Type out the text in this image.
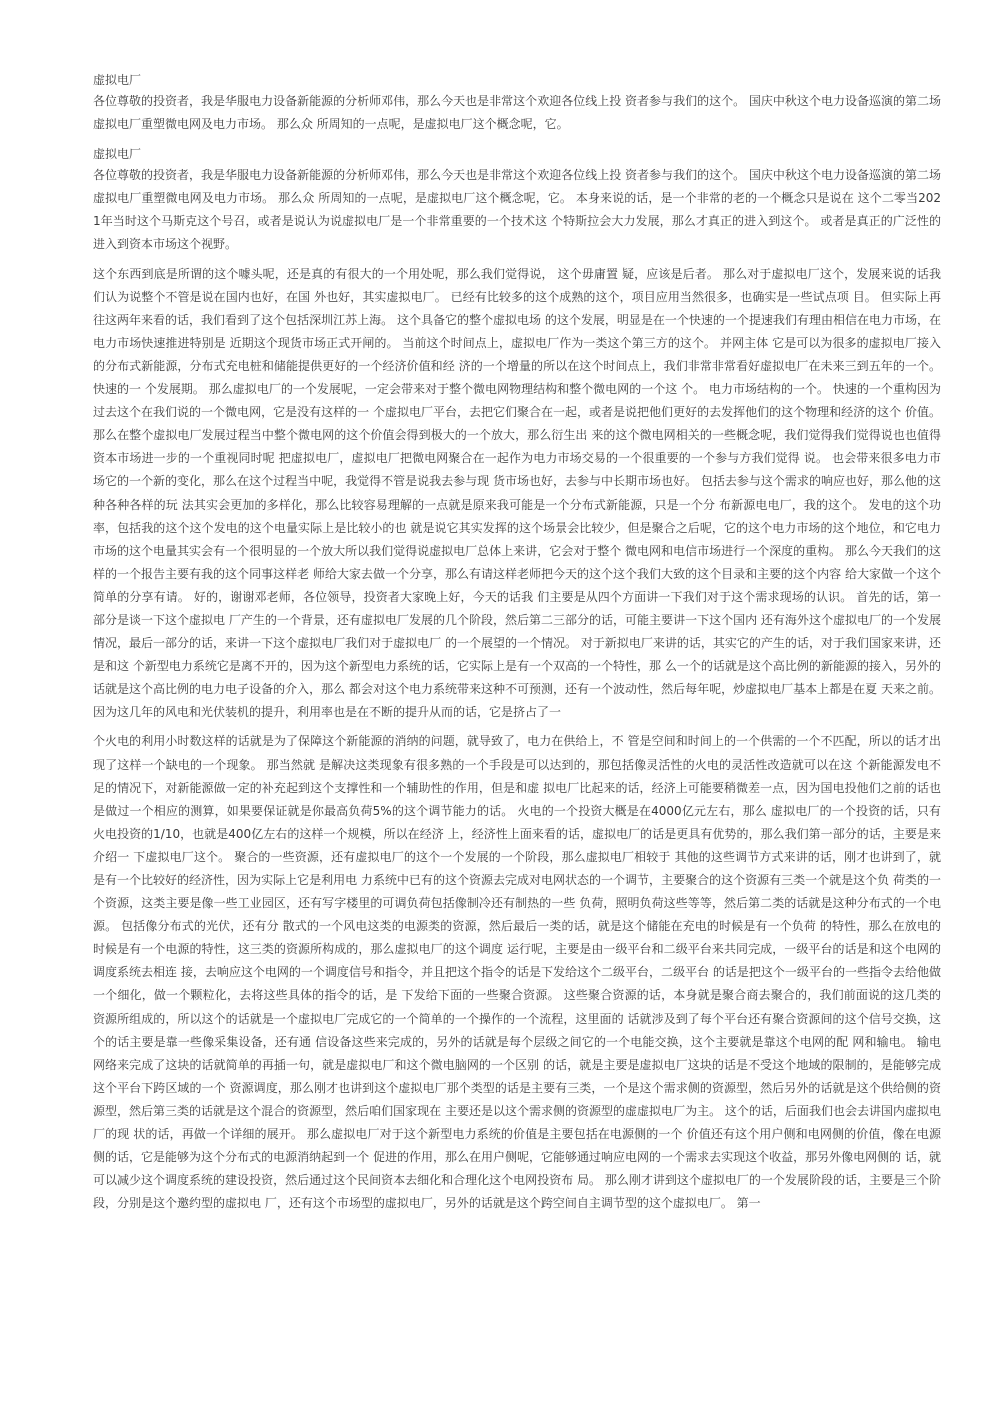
虚拟电厂
各位尊敬的投资者，我是华服电力设备新能源的分析师邓伟，那么今天也是非常这个欢迎各位线上投 资者参与我们的这个。 国庆中秋这个电力设备巡演的第二场虚拟电厂重塑微电网及电力市场。 那么众 所周知的一点呢，是虚拟电厂这个概念呢，它。
虚拟电厂
各位尊敬的投资者，我是华服电力设备新能源的分析师邓伟，那么今天也是非常这个欢迎各位线上投 资者参与我们的这个。 国庆中秋这个电力设备巡演的第二场虚拟电厂重塑微电网及电力市场。 那么众 所周知的一点呢，是虚拟电厂这个概念呢，它。 本身来说的话，是一个非常的老的一个概念只是说在 这个二零当2021年当时这个马斯克这个号召，或者是说认为说虚拟电厂是一个非常重要的一个技术这 个特斯拉会大力发展，那么才真正的进入到这个。 或者是真正的广泛性的进入到资本市场这个视野。
这个东西到底是所谓的这个噱头呢，还是真的有很大的一个用处呢，那么我们觉得说， 这个毋庸置 疑，应该是后者。 那么对于虚拟电厂这个，发展来说的话我们认为说整个不管是说在国内也好，在国 外也好，其实虚拟电厂。 已经有比较多的这个成熟的这个，项目应用当然很多，也确实是一些试点项 目。 但实际上再往这两年来看的话，我们看到了这个包括深圳江苏上海。 这个具备它的整个虚拟电场 的这个发展，明显是在一个快速的一个提速我们有理由相信在电力市场，在电力市场快速推进特别是 近期这个现货市场正式开闸的。 当前这个时间点上，虚拟电厂作为一类这个第三方的这个。 并网主体 它是可以为很多的虚拟电厂接入的分布式新能源，分布式充电桩和储能提供更好的一个经济价值和经 济的一个增量的所以在这个时间点上，我们非常非常看好虚拟电厂在未来三到五年的一个。 快速的一 个发展期。 那么虚拟电厂的一个发展呢，一定会带来对于整个微电网物理结构和整个微电网的一个这 个。 电力市场结构的一个。 快速的一个重构因为过去这个在我们说的一个微电网，它是没有这样的一 个虚拟电厂平台，去把它们聚合在一起，或者是说把他们更好的去发挥他们的这个物理和经济的这个 价值。 那么在整个虚拟电厂发展过程当中整个微电网的这个价值会得到极大的一个放大，那么衍生出 来的这个微电网相关的一些概念呢，我们觉得我们觉得说也也值得资本市场进一步的一个重视同时呢 把虚拟电厂，虚拟电厂把微电网聚合在一起作为电力市场交易的一个很重要的一个参与方我们觉得 说。 也会带来很多电力市场它的一个新的变化，那么在这个过程当中呢，我觉得不管是说我去参与现 货市场也好，去参与中长期市场也好。 包括去参与这个需求的响应也好，那么他的这种各种各样的玩 法其实会更加的多样化，那么比较容易理解的一点就是原来我可能是一个分布式新能源，只是一个分 布新源电电厂，我的这个。 发电的这个功率，包括我的这个这个发电的这个电量实际上是比较小的也 就是说它其实发挥的这个场景会比较少，但是聚合之后呢，它的这个电力市场的这个地位，和它电力 市场的这个电量其实会有一个很明显的一个放大所以我们觉得说虚拟电厂总体上来讲，它会对于整个 微电网和电信市场进行一个深度的重构。 那么今天我们的这样的一个报告主要有我的这个同事这样老 师给大家去做一个分享，那么有请这样老师把今天的这个这个我们大致的这个目录和主要的这个内容 给大家做一个这个简单的分享有请。 好的，谢谢邓老师，各位领导，投资者大家晚上好，今天的话我 们主要是从四个方面讲一下我们对于这个需求现场的认识。 首先的话，第一部分是谈一下这个虚拟电 厂产生的一个背景，还有虚拟电厂发展的几个阶段，然后第二三部分的话，可能主要讲一下这个国内 还有海外这个虚拟电厂的一个发展情况，最后一部分的话，来讲一下这个虚拟电厂我们对于虚拟电厂 的一个展望的一个情况。 对于新拟电厂来讲的话，其实它的产生的话，对于我们国家来讲，还是和这 个新型电力系统它是离不开的，因为这个新型电力系统的话，它实际上是有一个双高的一个特性，那 么一个的话就是这个高比例的新能源的接入，另外的话就是这个高比例的电力电子设备的介入，那么 都会对这个电力系统带来这种不可预测，还有一个波动性，然后每年呢，炒虚拟电厂基本上都是在夏 天来之前。 因为这几年的风电和光伏装机的提升，利用率也是在不断的提升从而的话，它是挤占了一
个火电的利用小时数这样的话就是为了保障这个新能源的消纳的问题，就导致了，电力在供给上，不 管是空间和时间上的一个供需的一个不匹配，所以的话才出现了这样一个缺电的一个现象。 那当然就 是解决这类现象有很多熟的一个手段是可以达到的，那包括像灵活性的火电的灵活性改造就可以在这 个新能源发电不足的情况下，对新能源做一定的补充起到这个支撑性和一个辅助性的作用，但是和虚 拟电厂比起来的话，经济上可能要稍微差一点，因为国电投他们之前的话也是做过一个相应的测算，如果要保证就是你最高负荷5%的这个调节能力的话。 火电的一个投资大概是在4000亿元左右，那么 虚拟电厂的一个投资的话，只有火电投资的1/10，也就是400亿左右的这样一个规模，所以在经济 上，经济性上面来看的话，虚拟电厂的话是更具有优势的，那么我们第一部分的话，主要是来介绍一 下虚拟电厂这个。 聚合的一些资源，还有虚拟电厂的这个一个发展的一个阶段，那么虚拟电厂相较于 其他的这些调节方式来讲的话，刚才也讲到了，就是有一个比较好的经济性，因为实际上它是利用电 力系统中已有的这个资源去完成对电网状态的一个调节，主要聚合的这个资源有三类一个就是这个负 荷类的一个资源，这类主要是像一些工业园区，还有写字楼里的可调负荷包括像制冷还有制热的一些 负荷，照明负荷这些等等，然后第二类的话就是这种分布式的一个电源。 包括像分布式的光伏，还有分 散式的一个风电这类的电源类的资源，然后最后一类的话，就是这个储能在充电的时候是有一个负荷 的特性，那么在放电的时候是有一个电源的特性，这三类的资源所构成的，那么虚拟电厂的这个调度 运行呢，主要是由一级平台和二级平台来共同完成，一级平台的话是和这个电网的调度系统去相连 接，去响应这个电网的一个调度信号和指令，并且把这个指令的话是下发给这个二级平台，二级平台 的话是把这个一级平台的一些指令去给他做一个细化，做一个颗粒化，去将这些具体的指令的话，是 下发给下面的一些聚合资源。 这些聚合资源的话，本身就是聚合商去聚合的，我们前面说的这几类的 资源所组成的，所以这个的话就是一个虚拟电厂完成它的一个简单的一个操作的一个流程，这里面的 话就涉及到了每个平台还有聚合资源间的这个信号交换，这个的话主要是靠一些像采集设备，还有通 信设备这些来完成的，另外的话就是每个层级之间它的一个电能交换，这个主要就是靠这个电网的配 网和输电。 输电网络来完成了这块的话就简单的再插一句，就是虚拟电厂和这个微电脑网的一个区别 的话，就是主要是虚拟电厂这块的话是不受这个地域的限制的，是能够完成这个平台下跨区域的一个 资源调度，那么刚才也讲到这个虚拟电厂那个类型的话是主要有三类，一个是这个需求侧的资源型，然后另外的话就是这个供给侧的资源型，然后第三类的话就是这个混合的资源型，然后咱们国家现在 主要还是以这个需求侧的资源型的虚虚拟电厂为主。 这个的话，后面我们也会去讲国内虚拟电厂的现 状的话，再做一个详细的展开。 那么虚拟电厂对于这个新型电力系统的价值是主要包括在电源侧的一个 价值还有这个用户侧和电网侧的价值，像在电源侧的话，它是能够为这个分布式的电源消纳起到一个 促进的作用，那么在用户侧呢，它能够通过响应电网的一个需求去实现这个收益，那另外像电网侧的 话，就可以减少这个调度系统的建设投资，然后通过这个民间资本去细化和合理化这个电网投资布 局。 那么刚才讲到这个虚拟电厂的一个发展阶段的话，主要是三个阶段，分别是这个邀约型的虚拟电 厂，还有这个市场型的虚拟电厂，另外的话就是这个跨空间自主调节型的这个虚拟电厂。 第一
